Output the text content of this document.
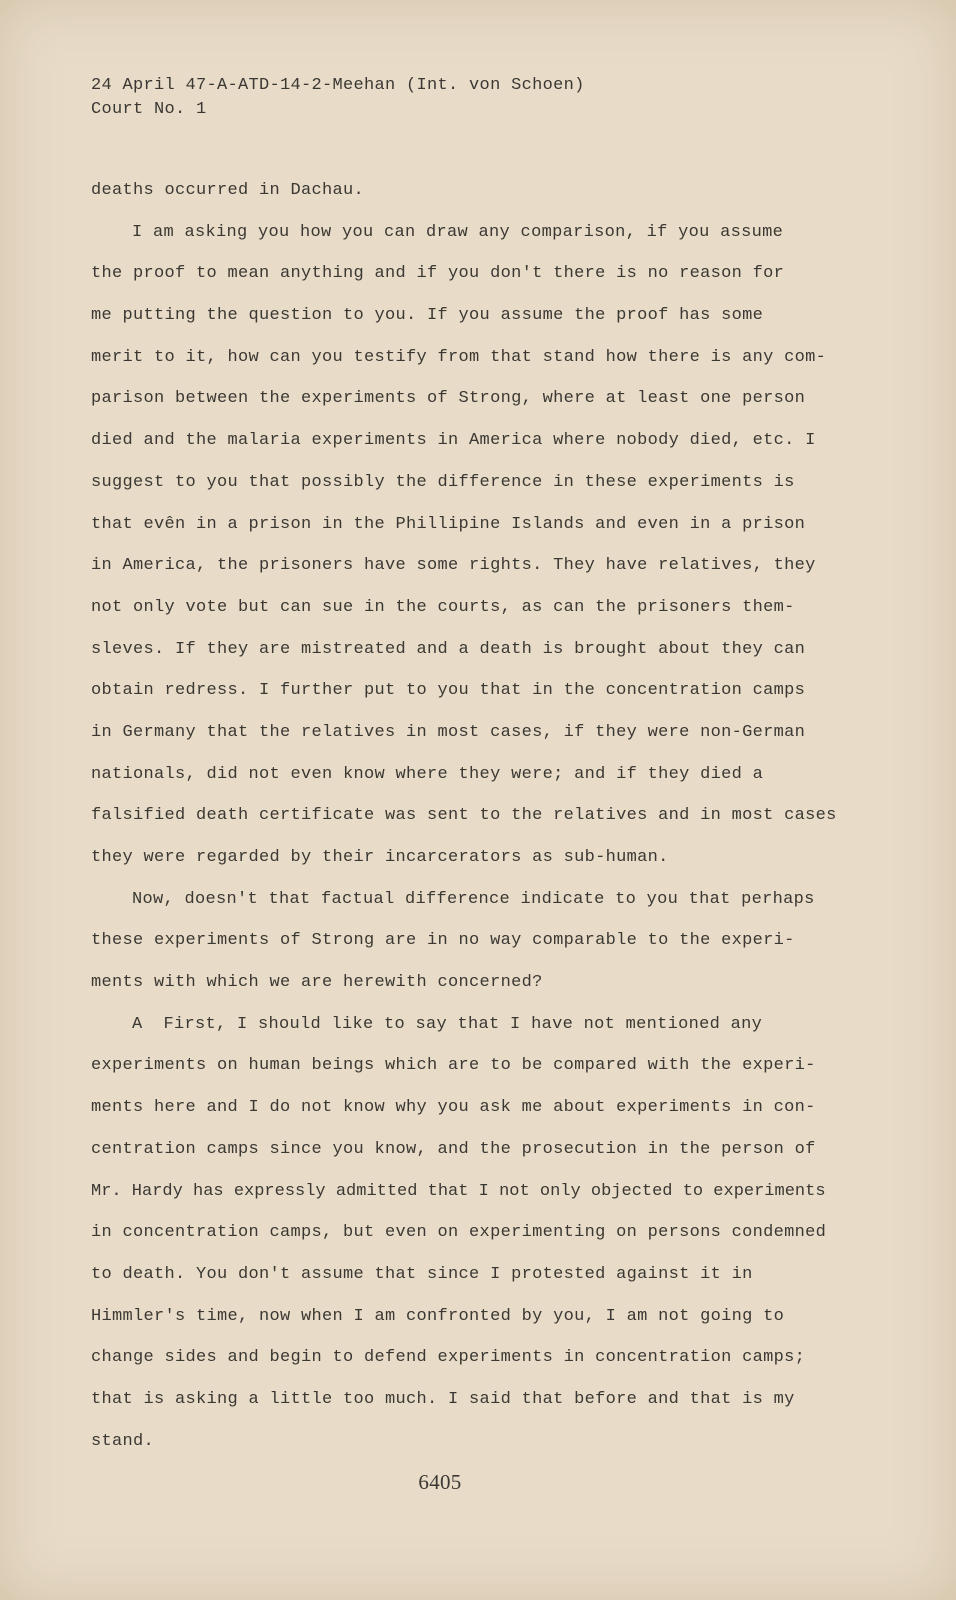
24 April 47-A-ATD-14-2-Meehan (Int. von Schoen)
Court No. 1
deaths occurred in Dachau.
I am asking you how you can draw any comparison, if you assume
the proof to mean anything and if you don't there is no reason for
me putting the question to you. If you assume the proof has some
merit to it, how can you testify from that stand how there is any com-
parison between the experiments of Strong, where at least one person
died and the malaria experiments in America where nobody died, etc. I
suggest to you that possibly the difference in these experiments is
that evên in a prison in the Phillipine Islands and even in a prison
in America, the prisoners have some rights. They have relatives, they
not only vote but can sue in the courts, as can the prisoners them-
sleves. If they are mistreated and a death is brought about they can
obtain redress. I further put to you that in the concentration camps
in Germany that the relatives in most cases, if they were non-German
nationals, did not even know where they were; and if they died a
falsified death certificate was sent to the relatives and in most cases
they were regarded by their incarcerators as sub-human.
Now, doesn't that factual difference indicate to you that perhaps
these experiments of Strong are in no way comparable to the experi-
ments with which we are herewith concerned?
A  First, I should like to say that I have not mentioned any
experiments on human beings which are to be compared with the experi-
ments here and I do not know why you ask me about experiments in con-
centration camps since you know, and the prosecution in the person of
Mr. Hardy has expressly admitted that I not only objected to experiments
in concentration camps, but even on experimenting on persons condemned
to death. You don't assume that since I protested against it in
Himmler's time, now when I am confronted by you, I am not going to
change sides and begin to defend experiments in concentration camps;
that is asking a little too much. I said that before and that is my
stand.
6405
